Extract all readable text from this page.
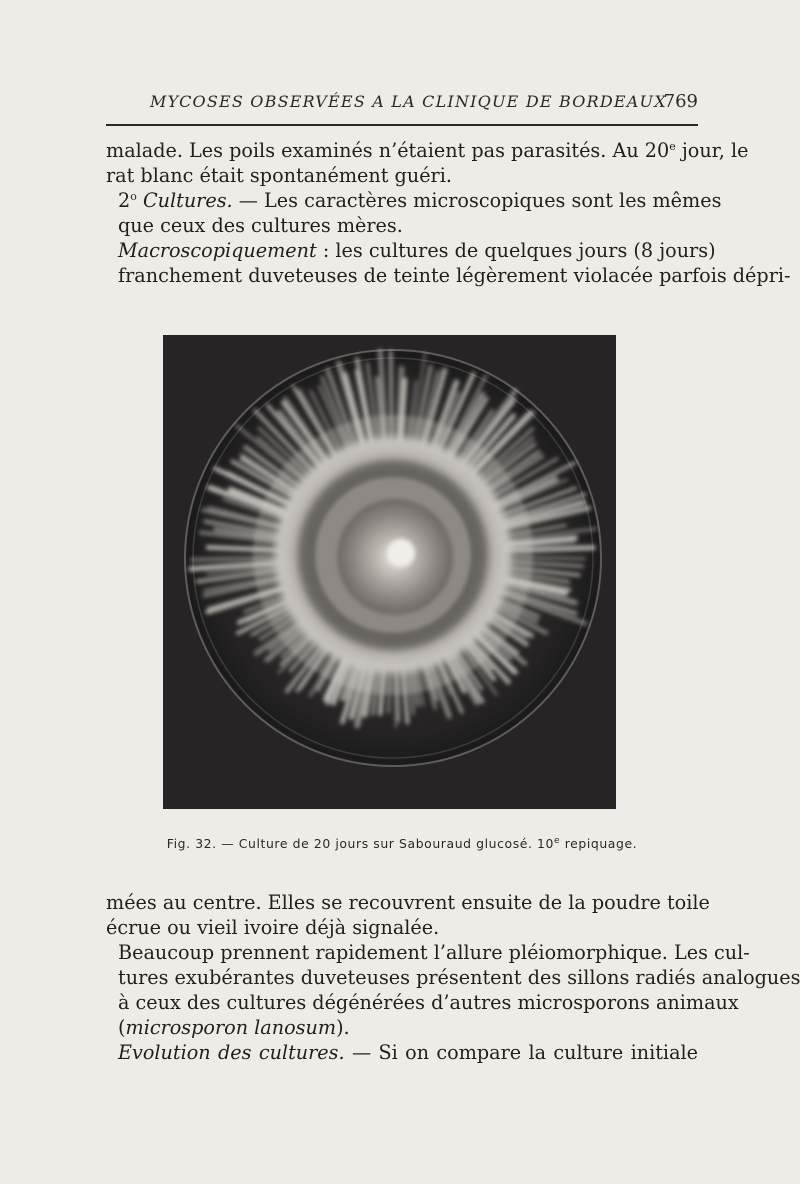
MYCOSES OBSERVÉES A LA CLINIQUE DE BORDEAUX
769

malade. Les poils examinés n’étaient pas parasités. Au 20e jour, le
rat blanc était spontanément guéri.

2$^o$ Cultures. — Les caractères microscopiques sont les mêmes
que ceux des cultures mères.

Macroscopiquement : les cultures de quelques jours (8 jours)
franchement duveteuses de teinte légèrement violacée parfois dépri-

Fig. 32. — Culture de 20 jours sur Sabouraud glucosé. 10e repiquage.

mées au centre. Elles se recouvrent ensuite de la poudre toile
écrue ou vieil ivoire déjà signalée.

Beaucoup prennent rapidement l’allure pléiomorphique. Les cul-
tures exubérantes duveteuses présentent des sillons radiés analogues
à ceux des cultures dégénérées d’autres microsporons animaux
(microsporon lanosum).

Evolution des cultures. — Si on compare la culture initiale
